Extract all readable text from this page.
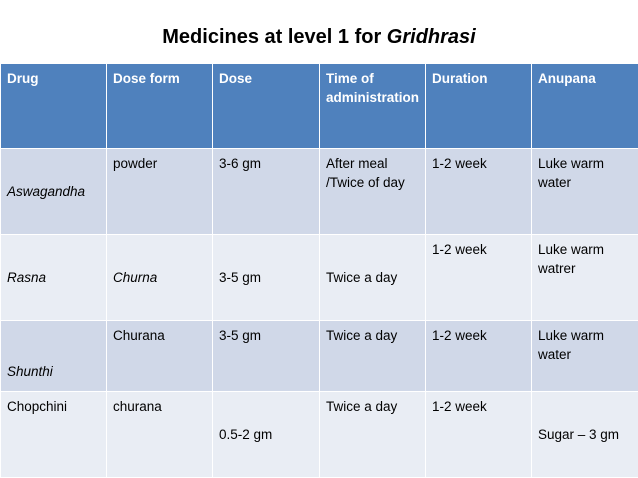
Medicines at level 1 for Gridhrasi
Drug	Dose form	Dose	Time of administration	Duration	Anupana
Aswagandha	powder	3-6 gm	After meal /Twice of day	1-2 week	Luke warm water
Rasna	Churna	3-5 gm	Twice a day	1-2 week	Luke warm watrer
Shunthi	Churana	3-5 gm	Twice a day	1-2 week	Luke warm water
Chopchini	churana	0.5-2 gm	Twice a day	1-2 week	Sugar – 3 gm
